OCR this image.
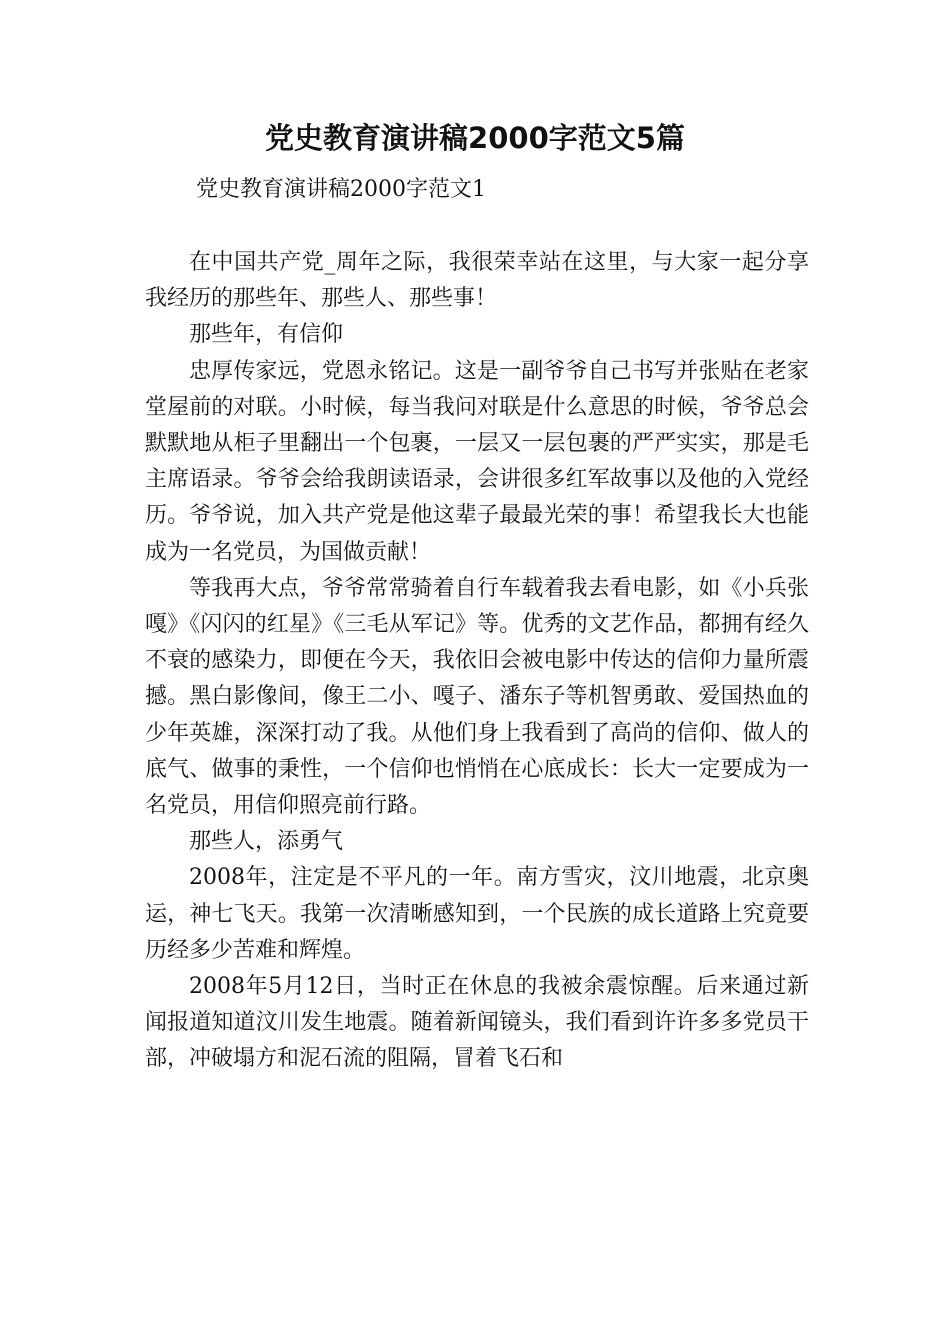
党史教育演讲稿2000字范文5篇

党史教育演讲稿2000字范文1

在中国共产党_周年之际，我很荣幸站在这里，与大家一起分享我经历的那些年、那些人、那些事！

那些年，有信仰

忠厚传家远，党恩永铭记。这是一副爷爷自己书写并张贴在老家堂屋前的对联。小时候，每当我问对联是什么意思的时候，爷爷总会默默地从柜子里翻出一个包裹，一层又一层包裹的严严实实，那是毛主席语录。爷爷会给我朗读语录，会讲很多红军故事以及他的入党经历。爷爷说，加入共产党是他这辈子最最光荣的事！希望我长大也能成为一名党员，为国做贡献！

等我再大点，爷爷常常骑着自行车载着我去看电影，如《小兵张嘎》《闪闪的红星》《三毛从军记》等。优秀的文艺作品，都拥有经久不衰的感染力，即便在今天，我依旧会被电影中传达的信仰力量所震撼。黑白影像间，像王二小、嘎子、潘东子等机智勇敢、爱国热血的少年英雄，深深打动了我。从他们身上我看到了高尚的信仰、做人的底气、做事的秉性，一个信仰也悄悄在心底成长：长大一定要成为一名党员，用信仰照亮前行路。

那些人，添勇气

2008年，注定是不平凡的一年。南方雪灾，汶川地震，北京奥运，神七飞天。我第一次清晰感知到，一个民族的成长道路上究竟要历经多少苦难和辉煌。

2008年5月12日，当时正在休息的我被余震惊醒。后来通过新闻报道知道汶川发生地震。随着新闻镜头，我们看到许许多多党员干部，冲破塌方和泥石流的阻隔，冒着飞石和
